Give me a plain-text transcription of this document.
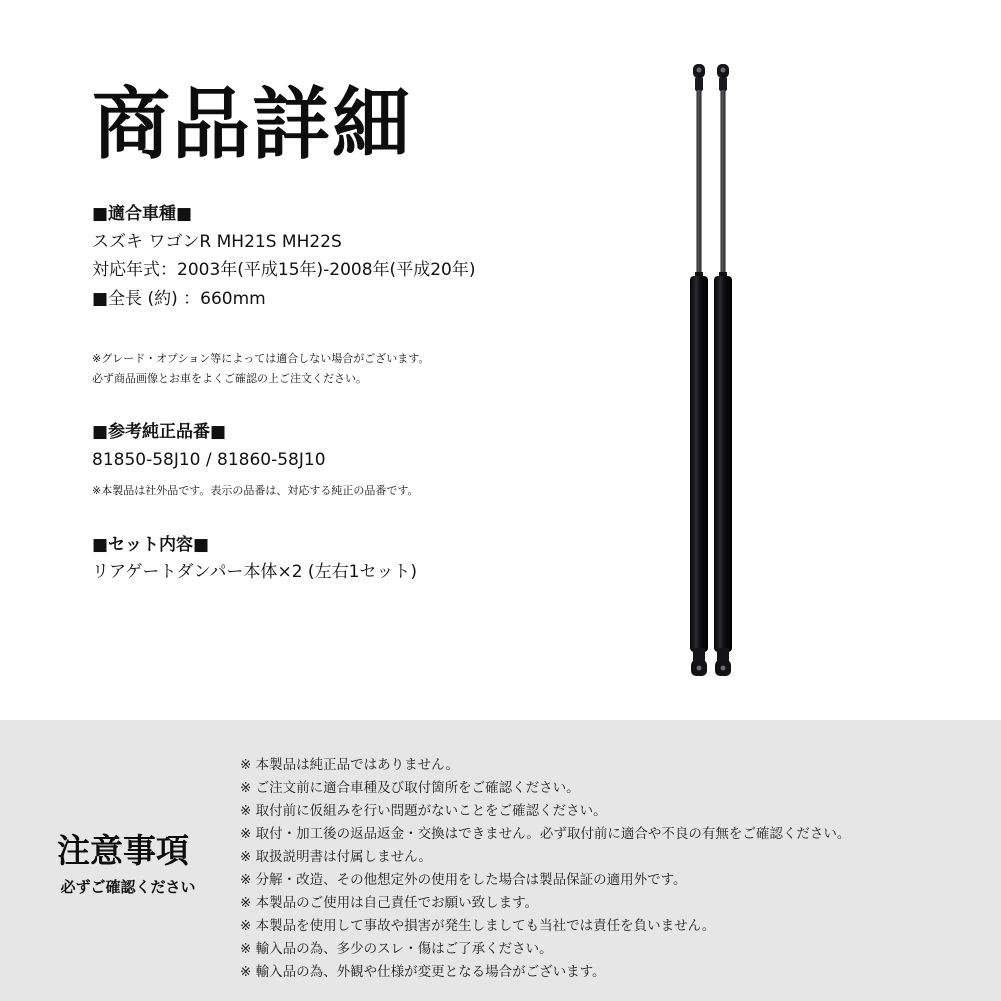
商品詳細
■適合車種■
スズキ ワゴンR MH21S MH22S
対応年式：2003年(平成15年)-2008年(平成20年)
■全長 (約) ：660mm
※グレード・オプション等によっては適合しない場合がございます。
必ず商品画像とお車をよくご確認の上ご注文ください。
■参考純正品番■
81850-58J10 / 81860-58J10
※本製品は社外品です。表示の品番は、対応する純正の品番です。
■セット内容■
リアゲートダンパー本体×2 (左右1セット)
注意事項
必ずご確認ください
※ 本製品は純正品ではありません。
※ ご注文前に適合車種及び取付箇所をご確認ください。
※ 取付前に仮組みを行い問題がないことをご確認ください。
※ 取付・加工後の返品返金・交換はできません。必ず取付前に適合や不良の有無をご確認ください。
※ 取扱説明書は付属しません。
※ 分解・改造、その他想定外の使用をした場合は製品保証の適用外です。
※ 本製品のご使用は自己責任でお願い致します。
※ 本製品を使用して事故や損害が発生しましても当社では責任を負いません。
※ 輸入品の為、多少のスレ・傷はご了承ください。
※ 輸入品の為、外観や仕様が変更となる場合がございます。
